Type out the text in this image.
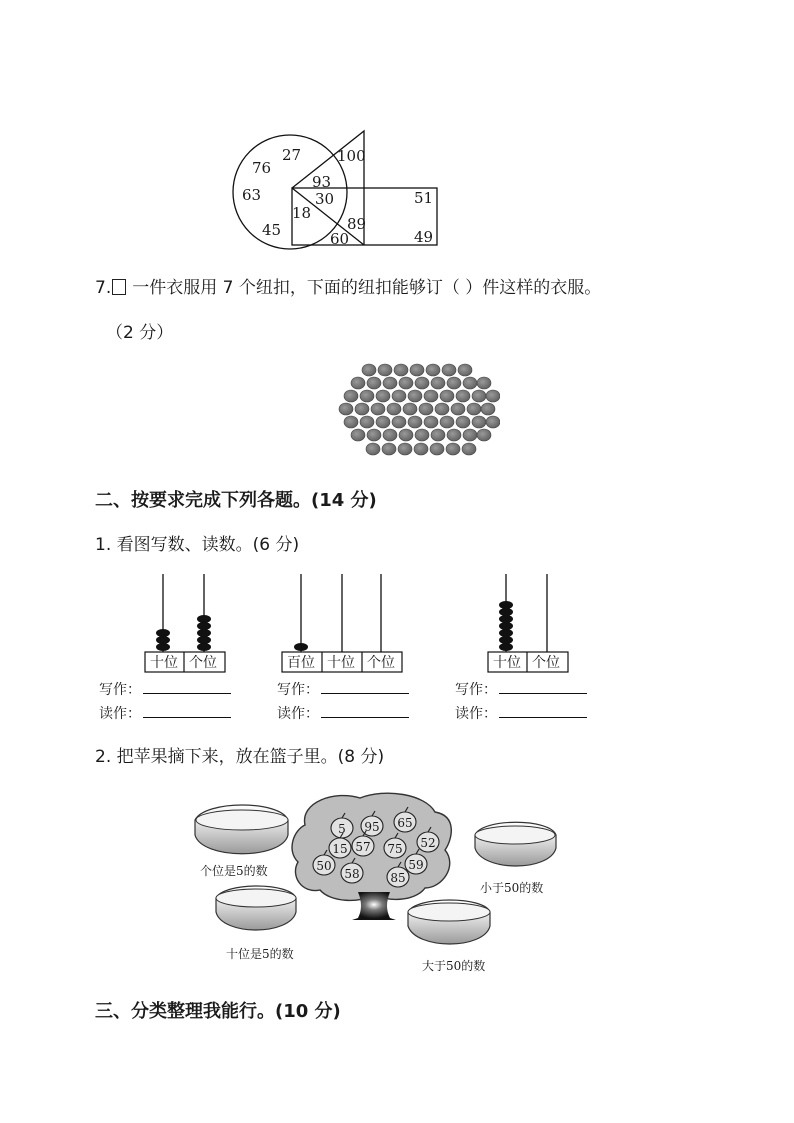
27
76
63
45
93
30
18
89
60
100
51
49
7. 一件衣服用 7 个纽扣，下面的纽扣能够订（ ）件这样的衣服。
（2 分）
二、按要求完成下列各题。(14 分)
1. 看图写数、读数。(6 分)
十位 个位	百位 十位 个位	十位 个位
写作：
读作：
写作：
读作：
写作：
读作：
2. 把苹果摘下来，放在篮子里。(8 分)
个位是5的数
十位是5的数
小于50的数
大于50的数
5 95 65
15 57 75 52
50
58	85
59
三、分类整理我能行。(10 分)
